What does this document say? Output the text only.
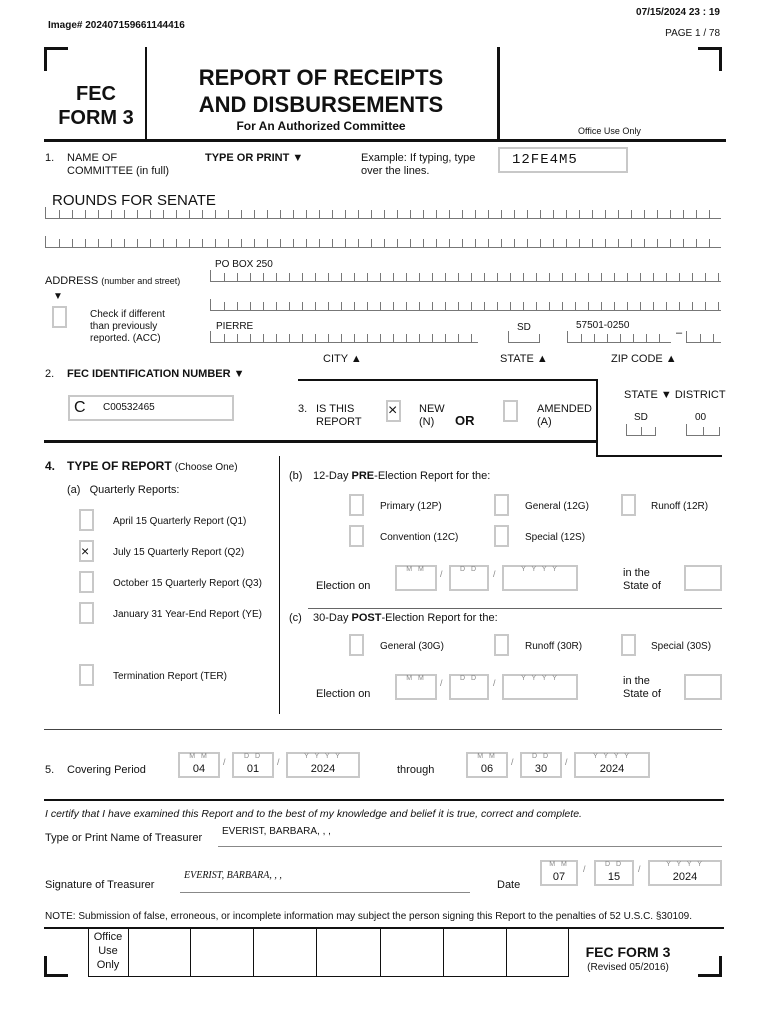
Image# 202407159661144416
07/15/2024 23 : 19
PAGE 1 / 78
FEC
FORM 3
REPORT OF RECEIPTS
AND DISBURSEMENTS
For An Authorized Committee	Office Use Only
1. NAME OF
COMMITTEE (in full)
TYPE OR PRINT ▼	Example: If typing, type
over the lines.
12FE4M5
ROUNDS FOR SENATE
PO BOX 250
ADDRESS (number and street)
▼
Check if different
than previously
reported. (ACC)
PIERRE	SD	57501-0250
–
CITY ▲	STATE ▲	ZIP CODE ▲
2. FEC IDENTIFICATION NUMBER ▼
C C00532465	3. IS THIS
REPORT
× NEW
(N)	OR
AMENDED
(A)
STATE ▼ DISTRICT
SD	00
4. TYPE OF REPORT (Choose One)
(a) Quarterly Reports:
April 15 Quarterly Report (Q1)
× July 15 Quarterly Report (Q2)
October 15 Quarterly Report (Q3)
January 31 Year-End Report (YE)
Termination Report (TER)
(b) 12-Day PRE-Election Report for the:
Primary (12P)	General (12G)	Runoff (12R)
Convention (12C)	Special (12S)
Election on
M M	/	D D	/	Y Y Y Y	in the
State of
(c) 30-Day POST-Election Report for the:
General (30G)	Runoff (30R)	Special (30S)
Election on
M M	/	D D	/	Y Y Y Y	in the
State of
5. Covering Period
M M
04
/
D D
01
/
Y Y Y Y
2024	through
M M
06
/
D D
30
/
Y Y Y Y
2024
I certify that I have examined this Report and to the best of my knowledge and belief it is true, correct and complete.
Type or Print Name of Treasurer
EVERIST, BARBARA, , ,
Signature of Treasurer
EVERIST, BARBARA, , ,
Date
M M
07
/	D D
15
/	Y Y Y Y
2024
NOTE: Submission of false, erroneous, or incomplete information may subject the person signing this Report to the penalties of 52 U.S.C. §30109.
Office
Use
Only
FEC FORM 3
(Revised 05/2016)
